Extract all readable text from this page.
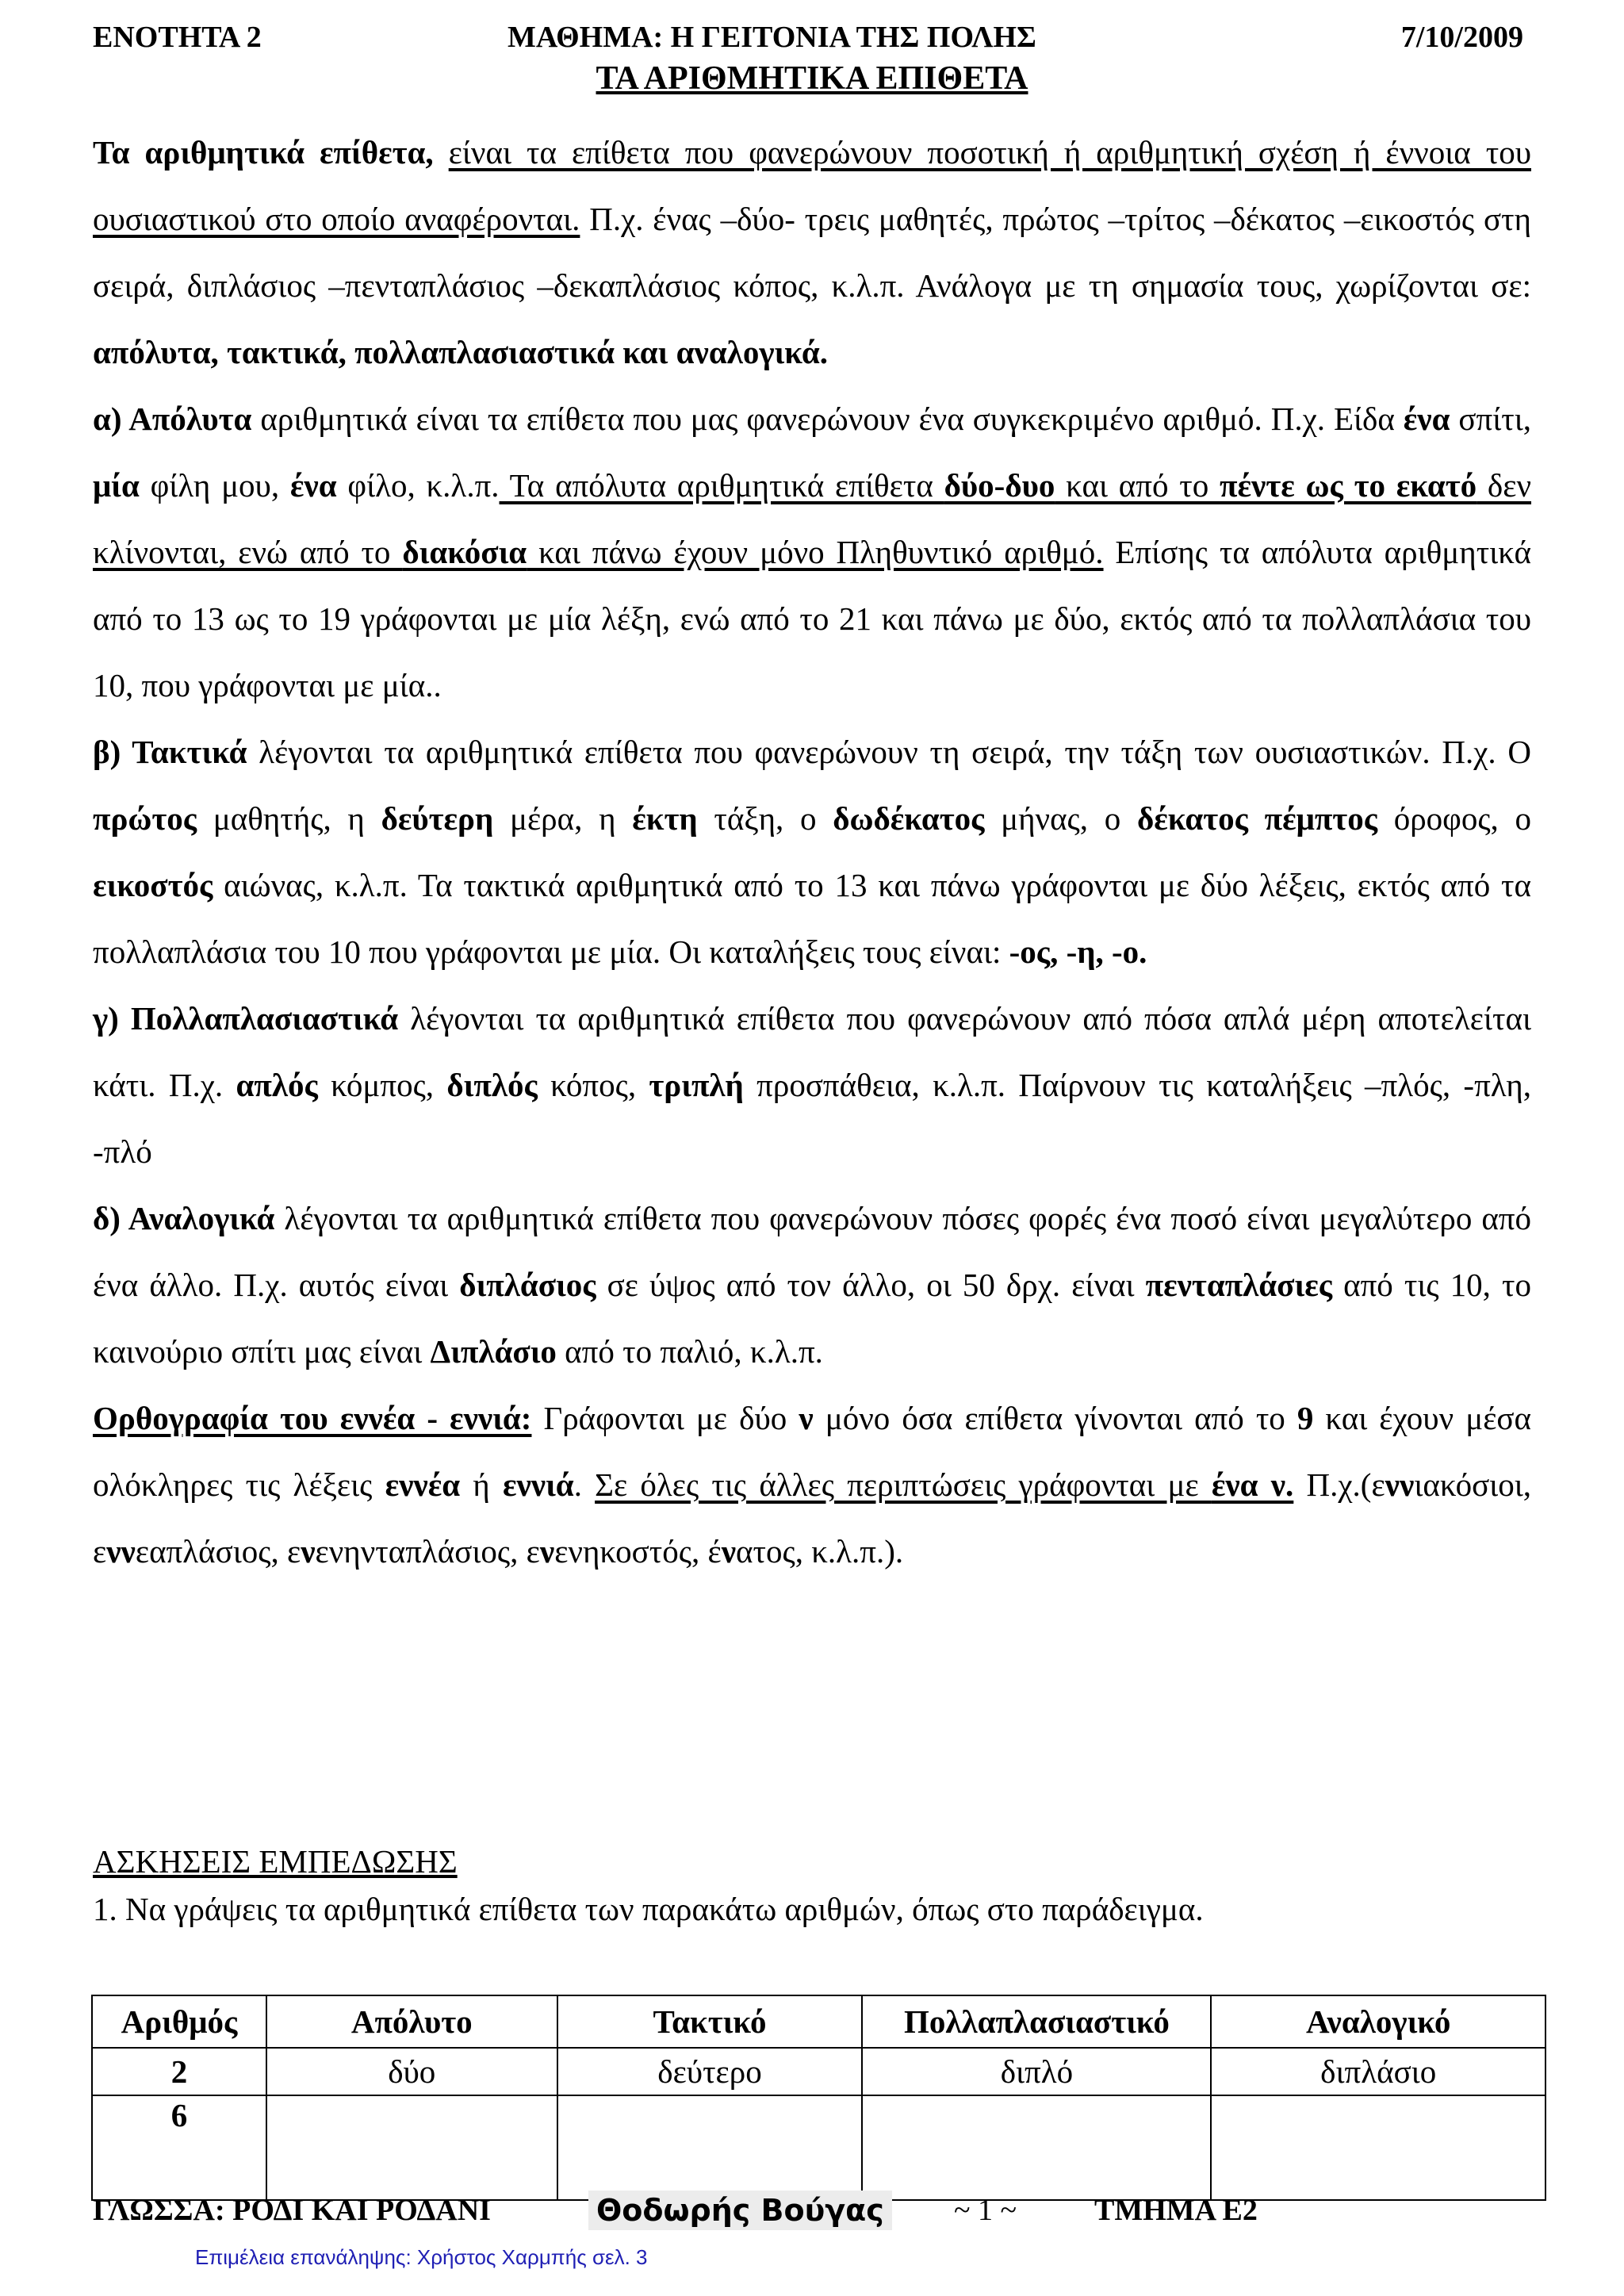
ΕΝΟΤΗΤΑ 2	ΜΑΘΗΜΑ: Η ΓΕΙΤΟΝΙΑ ΤΗΣ ΠΟΛΗΣ	7/10/2009
ΤΑ ΑΡΙΘΜΗΤΙΚΑ ΕΠΙΘΕΤΑ

Τα αριθμητικά επίθετα, είναι τα επίθετα που φανερώνουν ποσοτική ή αριθμητική σχέση ή έννοια του ουσιαστικού στο οποίο αναφέρονται. Π.χ. ένας –δύο- τρεις μαθητές, πρώτος –τρίτος –δέκατος –εικοστός στη σειρά, διπλάσιος –πενταπλάσιος –δεκαπλάσιος κόπος, κ.λ.π. Ανάλογα με τη σημασία τους, χωρίζονται σε: απόλυτα, τακτικά, πολλαπλασιαστικά και αναλογικά.

α) Απόλυτα αριθμητικά είναι τα επίθετα που μας φανερώνουν ένα συγκεκριμένο αριθμό. Π.χ. Είδα ένα σπίτι, μία φίλη μου, ένα φίλο, κ.λ.π. Τα απόλυτα αριθμητικά επίθετα δύο-δυο και από το πέντε ως το εκατό δεν κλίνονται, ενώ από το διακόσια και πάνω έχουν μόνο Πληθυντικό αριθμό. Επίσης τα απόλυτα αριθμητικά από το 13 ως το 19 γράφονται με μία λέξη, ενώ από το 21 και πάνω με δύο, εκτός από τα πολλαπλάσια του 10, που γράφονται με μία..

β) Τακτικά λέγονται τα αριθμητικά επίθετα που φανερώνουν τη σειρά, την τάξη των ουσιαστικών. Π.χ. Ο πρώτος μαθητής, η δεύτερη μέρα, η έκτη τάξη, ο δωδέκατος μήνας, ο δέκατος πέμπτος όροφος, ο εικοστός αιώνας, κ.λ.π. Τα τακτικά αριθμητικά από το 13 και πάνω γράφονται με δύο λέξεις, εκτός από τα πολλαπλάσια του 10 που γράφονται με μία. Οι καταλήξεις τους είναι: -ος, -η, -ο.

γ) Πολλαπλασιαστικά λέγονται τα αριθμητικά επίθετα που φανερώνουν από πόσα απλά μέρη αποτελείται κάτι. Π.χ. απλός κόμπος, διπλός κόπος, τριπλή προσπάθεια, κ.λ.π. Παίρνουν τις καταλήξεις –πλός, -πλη, -πλό

δ) Αναλογικά λέγονται τα αριθμητικά επίθετα που φανερώνουν πόσες φορές ένα ποσό είναι μεγαλύτερο από ένα άλλο. Π.χ. αυτός είναι διπλάσιος σε ύψος από τον άλλο, οι 50 δρχ. είναι πενταπλάσιες από τις 10, το καινούριο σπίτι μας είναι Διπλάσιο από το παλιό, κ.λ.π.

Ορθογραφία του εννέα - εννιά: Γράφονται με δύο ν μόνο όσα επίθετα γίνονται από το 9 και έχουν μέσα ολόκληρες τις λέξεις εννέα ή εννιά. Σε όλες τις άλλες περιπτώσεις γράφονται με ένα ν. Π.χ.(εννιακόσιοι, εννεαπλάσιος, ενενηνταπλάσιος, ενενηκοστός, ένατος, κ.λ.π.).

ΑΣΚΗΣΕΙΣ ΕΜΠΕΔΩΣΗΣ
1. Να γράψεις τα αριθμητικά επίθετα των παρακάτω αριθμών, όπως στο παράδειγμα.
Αριθμός	Απόλυτο	Τακτικό	Πολλαπλασιαστικό	Αναλογικό
2	δύο	δεύτερο	διπλό	διπλάσιο
6				
ΓΛΩΣΣΑ: ΡΟΔΙ ΚΑΙ ΡΟΔΑΝΙ	Θοδωρής Βούγας ~ 1 ~	ΤΜΗΜΑ Ε2
Επιμέλεια επανάληψης: Χρήστος Χαρμπής σελ. 3
